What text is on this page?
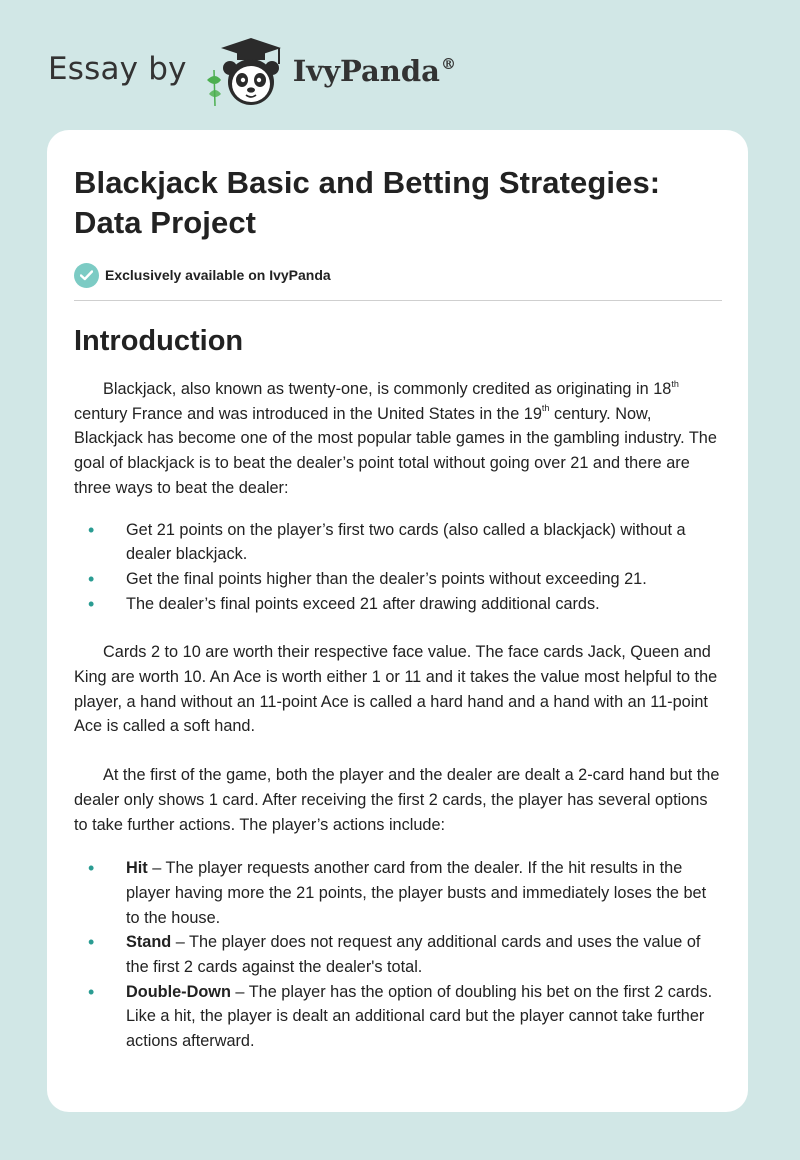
Essay by	IvyPanda®
Blackjack Basic and Betting Strategies: Data Project
Exclusively available on IvyPanda
Introduction

Blackjack, also known as twenty-one, is commonly credited as originating in 18th century France and was introduced in the United States in the 19th century. Now, Blackjack has become one of the most popular table games in the gambling industry. The goal of blackjack is to beat the dealer’s point total without going over 21 and there are three ways to beat the dealer:

• Get 21 points on the player’s first two cards (also called a blackjack) without a dealer blackjack.
• Get the final points higher than the dealer’s points without exceeding 21.
• The dealer’s final points exceed 21 after drawing additional cards.

Cards 2 to 10 are worth their respective face value. The face cards Jack, Queen and King are worth 10. An Ace is worth either 1 or 11 and it takes the value most helpful to the player, a hand without an 11-point Ace is called a hard hand and a hand with an 11-point Ace is called a soft hand.

At the first of the game, both the player and the dealer are dealt a 2-card hand but the dealer only shows 1 card. After receiving the first 2 cards, the player has several options to take further actions. The player’s actions include:

• Hit – The player requests another card from the dealer. If the hit results in the player having more the 21 points, the player busts and immediately loses the bet to the house.
• Stand – The player does not request any additional cards and uses the value of the first 2 cards against the dealer's total.
• Double-Down – The player has the option of doubling his bet on the first 2 cards. Like a hit, the player is dealt an additional card but the player cannot take further actions afterward.
